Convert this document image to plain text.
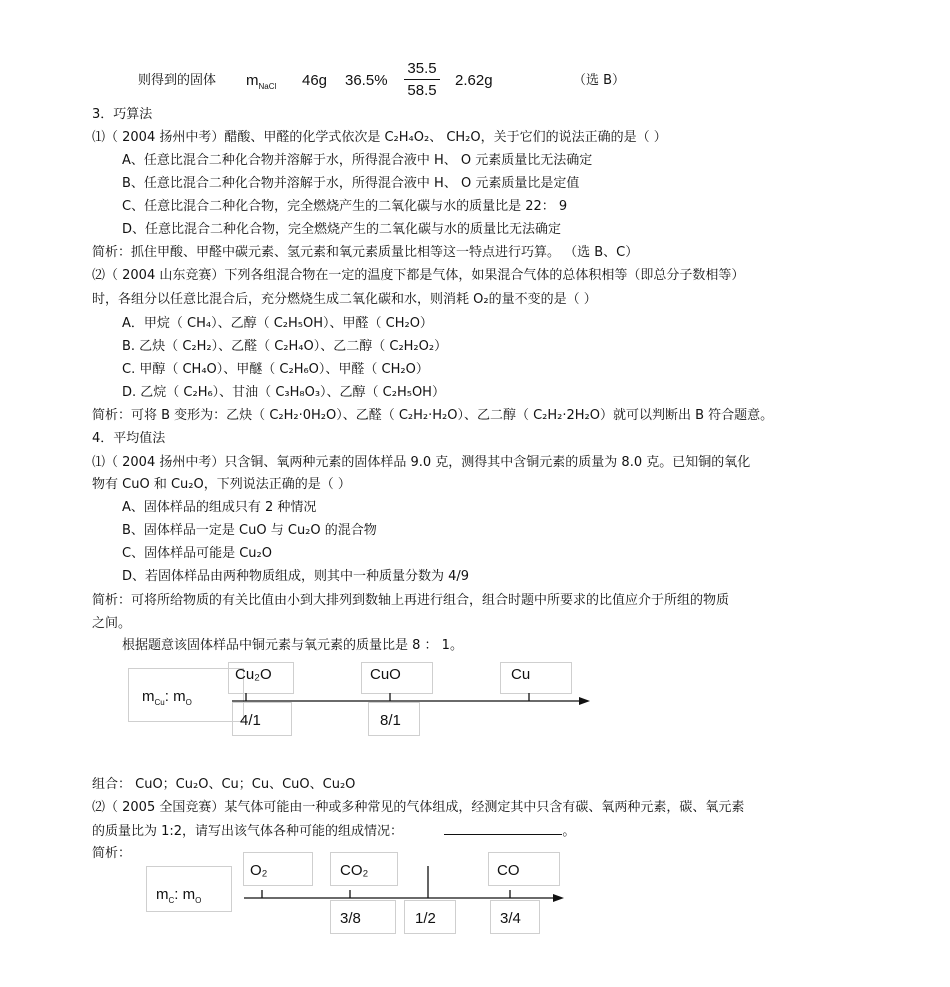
则得到的固体 $m_{NaCl}$ 46g 36.5%
35.5
58.5
2.62g	（选 B）
3．巧算法
⑴（ 2004 扬州中考）醋酸、甲醛的化学式依次是 C₂H₄O₂、 CH₂O，关于它们的说法正确的是（ ）
A、任意比混合二种化合物并溶解于水，所得混合液中 H、 O 元素质量比无法确定
B、任意比混合二种化合物并溶解于水，所得混合液中 H、 O 元素质量比是定值
C、任意比混合二种化合物，完全燃烧产生的二氧化碳与水的质量比是 22： 9
D、任意比混合二种化合物，完全燃烧产生的二氧化碳与水的质量比无法确定
简析：抓住甲酸、甲醛中碳元素、氢元素和氧元素质量比相等这一特点进行巧算。 （选 B、C）
⑵（ 2004 山东竞赛）下列各组混合物在一定的温度下都是气体，如果混合气体的总体积相等（即总分子数相等）
时，各组分以任意比混合后，充分燃烧生成二氧化碳和水，则消耗 O₂的量不变的是（ ）
A．甲烷（ CH₄）、乙醇（ C₂H₅OH）、甲醛（ CH₂O）
B. 乙炔（ C₂H₂）、乙醛（ C₂H₄O）、乙二醇（ C₂H₂O₂）
C. 甲醇（ CH₄O）、甲醚（ C₂H₆O）、甲醛（ CH₂O）
D. 乙烷（ C₂H₆）、甘油（ C₃H₈O₃）、乙醇（ C₂H₅OH）
简析：可将 B 变形为：乙炔（ C₂H₂·0H₂O）、乙醛（ C₂H₂·H₂O）、乙二醇（ C₂H₂·2H₂O）就可以判断出 B 符合题意。
4．平均值法
⑴（ 2004 扬州中考）只含铜、氧两种元素的固体样品 9.0 克，测得其中含铜元素的质量为 8.0 克。已知铜的氧化
物有 CuO 和 Cu₂O，下列说法正确的是（ ）
A、固体样品的组成只有 2 种情况
B、固体样品一定是 CuO 与 Cu₂O 的混合物
C、固体样品可能是 Cu₂O
D、若固体样品由两种物质组成，则其中一种质量分数为 4/9
简析：可将所给物质的有关比值由小到大排列到数轴上再进行组合，组合时题中所要求的比值应介于所组的物质
之间。
根据题意该固体样品中铜元素与氧元素的质量比是 8 ： 1。
$m_{Cu}$: $m_O$
Cu₂O	CuO	Cu
4/1	8/1
组合： CuO；Cu₂O、Cu；Cu、CuO、Cu₂O
⑵（ 2005 全国竞赛）某气体可能由一种或多种常见的气体组成，经测定其中只含有碳、氧两种元素，碳、氧元素
的质量比为 1:2，请写出该气体各种可能的组成情况：	。
简析：
$m_C$: $m_O$
O₂	CO₂	CO
3/8	1/2	3/4
